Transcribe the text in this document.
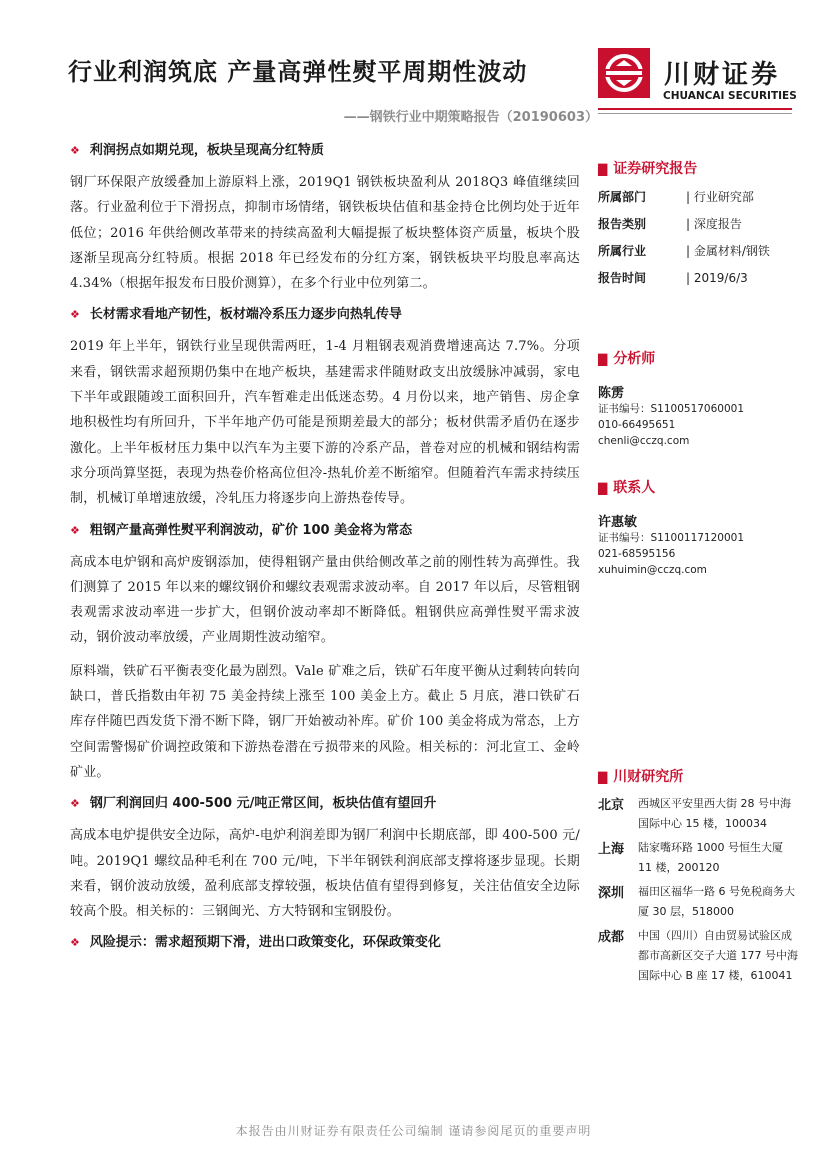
行业利润筑底 产量高弹性熨平周期性波动
——钢铁行业中期策略报告（20190603）
川财证券
CHUANCAI SECURITIES
❖ 利润拐点如期兑现，板块呈现高分红特质

钢厂环保限产放缓叠加上游原料上涨，2019Q1 钢铁板块盈利从 2018Q3 峰值继续回落。行业盈利位于下滑拐点，抑制市场情绪，钢铁板块估值和基金持仓比例均处于近年低位；2016 年供给侧改革带来的持续高盈利大幅提振了板块整体资产质量，板块个股逐渐呈现高分红特质。根据 2018 年已经发布的分红方案，钢铁板块平均股息率高达 4.34%（根据年报发布日股价测算），在多个行业中位列第二。

❖ 长材需求看地产韧性，板材端冷系压力逐步向热轧传导

2019 年上半年，钢铁行业呈现供需两旺，1-4 月粗钢表观消费增速高达 7.7%。分项来看，钢铁需求超预期仍集中在地产板块，基建需求伴随财政支出放缓脉冲减弱，家电下半年或跟随竣工面积回升，汽车暂难走出低迷态势。4 月份以来，地产销售、房企拿地积极性均有所回升，下半年地产仍可能是预期差最大的部分；板材供需矛盾仍在逐步激化。上半年板材压力集中以汽车为主要下游的冷系产品，普卷对应的机械和钢结构需求分项尚算坚挺，表现为热卷价格高位但冷-热轧价差不断缩窄。但随着汽车需求持续压制，机械订单增速放缓，冷轧压力将逐步向上游热卷传导。

❖ 粗钢产量高弹性熨平利润波动，矿价 100 美金将为常态

高成本电炉钢和高炉废钢添加，使得粗钢产量由供给侧改革之前的刚性转为高弹性。我们测算了 2015 年以来的螺纹钢价和螺纹表观需求波动率。自 2017 年以后，尽管粗钢表观需求波动率进一步扩大，但钢价波动率却不断降低。粗钢供应高弹性熨平需求波动，钢价波动率放缓，产业周期性波动缩窄。

原料端，铁矿石平衡表变化最为剧烈。Vale 矿难之后，铁矿石年度平衡从过剩转向转向缺口，普氏指数由年初 75 美金持续上涨至 100 美金上方。截止 5 月底，港口铁矿石库存伴随巴西发货下滑不断下降，钢厂开始被动补库。矿价 100 美金将成为常态，上方空间需警惕矿价调控政策和下游热卷潜在亏损带来的风险。相关标的：河北宣工、金岭矿业。

❖ 钢厂利润回归 400-500 元/吨正常区间，板块估值有望回升

高成本电炉提供安全边际，高炉-电炉利润差即为钢厂利润中长期底部，即 400-500 元/吨。2019Q1 螺纹品种毛利在 700 元/吨，下半年钢铁利润底部支撑将逐步显现。长期来看，钢价波动放缓，盈利底部支撑较强，板块估值有望得到修复，关注估值安全边际较高个股。相关标的：三钢闽光、方大特钢和宝钢股份。

❖ 风险提示：需求超预期下滑，进出口政策变化，环保政策变化
▇ 证券研究报告
所属部门	| 行业研究部
报告类别	| 深度报告
所属行业	| 金属材料/钢铁
报告时间	| 2019/6/3
▇ 分析师
陈雳
证书编号：S1100517060001
010-66495651
chenli@cczq.com
▇ 联系人
许惠敏
证书编号：S1100117120001
021-68595156
xuhuimin@cczq.com
▇ 川财研究所
北京	西城区平安里西大街 28 号中海国际中心 15 楼，100034
上海	陆家嘴环路 1000 号恒生大厦 11 楼，200120
深圳	福田区福华一路 6 号免税商务大厦 30 层，518000
成都	中国（四川）自由贸易试验区成都市高新区交子大道 177 号中海国际中心 B 座 17 楼，610041
本报告由川财证券有限责任公司编制 谨请参阅尾页的重要声明
